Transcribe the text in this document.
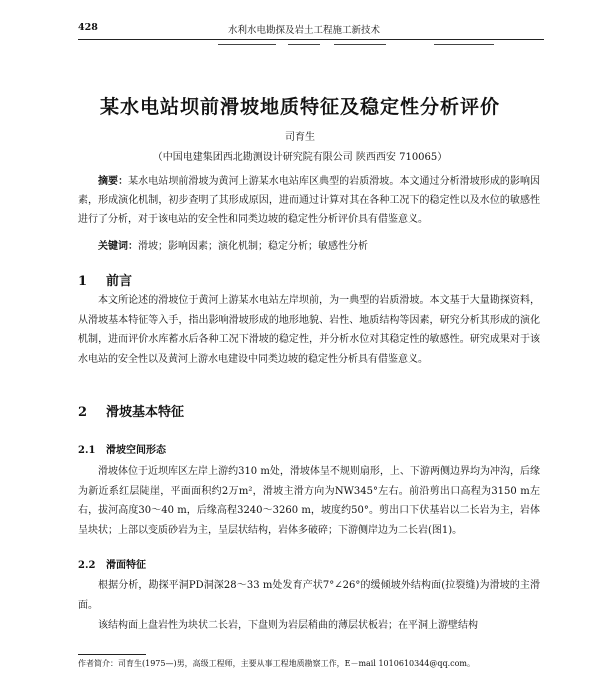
428	水利水电勘探及岩土工程施工新技术
某水电站坝前滑坡地质特征及稳定性分析评价
司育生
（中国电建集团西北勘测设计研究院有限公司 陕西西安 710065）

摘要：某水电站坝前滑坡为黄河上游某水电站库区典型的岩质滑坡。本文通过分析滑坡形成的影响因素，形成演化机制，初步查明了其形成原因，进而通过计算对其在各种工况下的稳定性以及水位的敏感性进行了分析，对于该电站的安全性和同类边坡的稳定性分析评价具有借鉴意义。

关键词：滑坡；影响因素；演化机制；稳定分析；敏感性分析

1 前言

本文所论述的滑坡位于黄河上游某水电站左岸坝前，为一典型的岩质滑坡。本文基于大量勘探资料，从滑坡基本特征等入手，指出影响滑坡形成的地形地貌、岩性、地质结构等因素，研究分析其形成的演化机制，进而评价水库蓄水后各种工况下滑坡的稳定性，并分析水位对其稳定性的敏感性。研究成果对于该水电站的安全性以及黄河上游水电建设中同类边坡的稳定性分析具有借鉴意义。

2 滑坡基本特征
2.1 滑坡空间形态

滑坡体位于近坝库区左岸上游约310 m处，滑坡体呈不规则扇形，上、下游两侧边界均为冲沟，后缘为新近系红层陡崖，平面面积约2万m²，滑坡主滑方向为NW345°左右。前沿剪出口高程为3150 m左右，拔河高度30～40 m，后缘高程3240～3260 m，坡度约50°。剪出口下伏基岩以二长岩为主，岩体呈块状；上部以变质砂岩为主，呈层状结构，岩体多破碎；下游侧岸边为二长岩(图1)。

2.2 滑面特征

根据分析，勘探平洞PD洞深28～33 m处发育产状7°∠26°的缓倾坡外结构面(拉裂缝)为滑坡的主滑面。

该结构面上盘岩性为块状二长岩，下盘则为岩层稍曲的薄层状板岩；在平洞上游壁结构

作者简介：司育生(1975—)男，高级工程师，主要从事工程地质勘察工作，E－mail 1010610344@qq.com。
